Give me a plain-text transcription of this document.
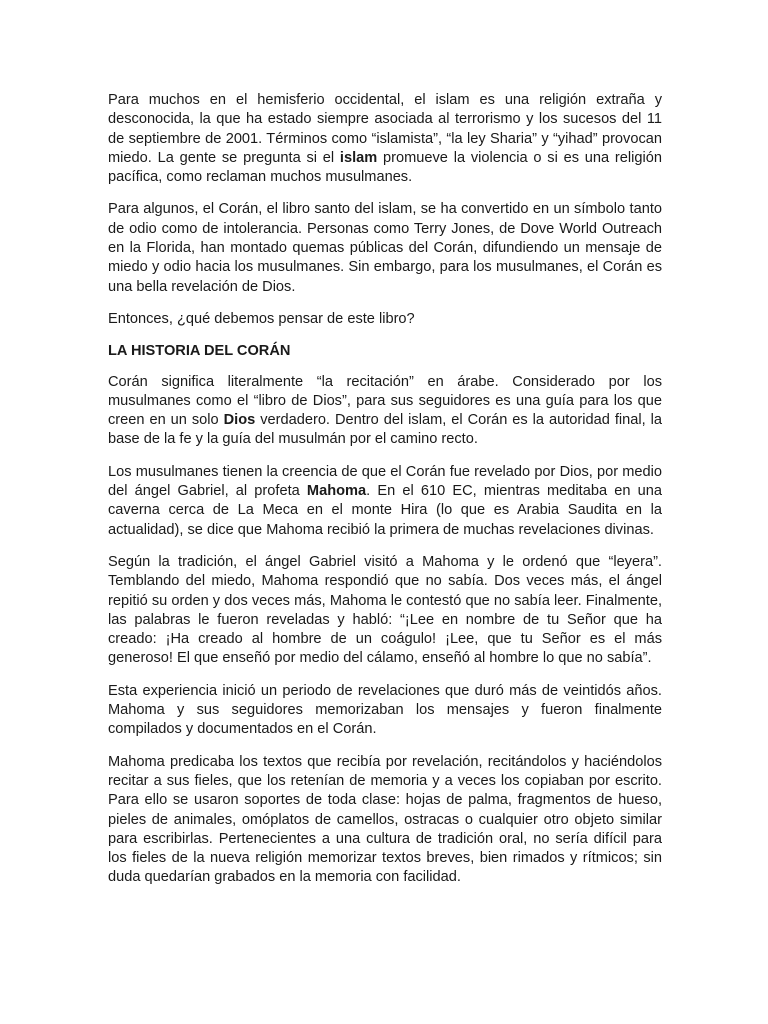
Para muchos en el hemisferio occidental, el islam es una religión extraña y desconocida, la que ha estado siempre asociada al terrorismo y los sucesos del 11 de septiembre de 2001. Términos como “islamista”, “la ley Sharia” y “yihad” provocan miedo. La gente se pregunta si el islam promueve la violencia o si es una religión pacífica, como reclaman muchos musulmanes.

Para algunos, el Corán, el libro santo del islam, se ha convertido en un símbolo tanto de odio como de intolerancia. Personas como Terry Jones, de Dove World Outreach en la Florida, han montado quemas públicas del Corán, difundiendo un mensaje de miedo y odio hacia los musulmanes. Sin embargo, para los musulmanes, el Corán es una bella revelación de Dios.

Entonces, ¿qué debemos pensar de este libro?

LA HISTORIA DEL CORÁN

Corán significa literalmente “la recitación” en árabe. Considerado por los musulmanes como el “libro de Dios”, para sus seguidores es una guía para los que creen en un solo Dios verdadero. Dentro del islam, el Corán es la autoridad final, la base de la fe y la guía del musulmán por el camino recto.

Los musulmanes tienen la creencia de que el Corán fue revelado por Dios, por medio del ángel Gabriel, al profeta Mahoma. En el 610 EC, mientras meditaba en una caverna cerca de La Meca en el monte Hira (lo que es Arabia Saudita en la actualidad), se dice que Mahoma recibió la primera de muchas revelaciones divinas.

Según la tradición, el ángel Gabriel visitó a Mahoma y le ordenó que “leyera”. Temblando del miedo, Mahoma respondió que no sabía. Dos veces más, el ángel repitió su orden y dos veces más, Mahoma le contestó que no sabía leer. Finalmente, las palabras le fueron reveladas y habló: “¡Lee en nombre de tu Señor que ha creado: ¡Ha creado al hombre de un coágulo! ¡Lee, que tu Señor es el más generoso! El que enseñó por medio del cálamo, enseñó al hombre lo que no sabía”.

Esta experiencia inició un periodo de revelaciones que duró más de veintidós años. Mahoma y sus seguidores memorizaban los mensajes y fueron finalmente compilados y documentados en el Corán.

Mahoma predicaba los textos que recibía por revelación, recitándolos y haciéndolos recitar a sus fieles, que los retenían de memoria y a veces los copiaban por escrito. Para ello se usaron soportes de toda clase: hojas de palma, fragmentos de hueso, pieles de animales, omóplatos de camellos, ostracas o cualquier otro objeto similar para escribirlas. Pertenecientes a una cultura de tradición oral, no sería difícil para los fieles de la nueva religión memorizar textos breves, bien rimados y rítmicos; sin duda quedarían grabados en la memoria con facilidad.
